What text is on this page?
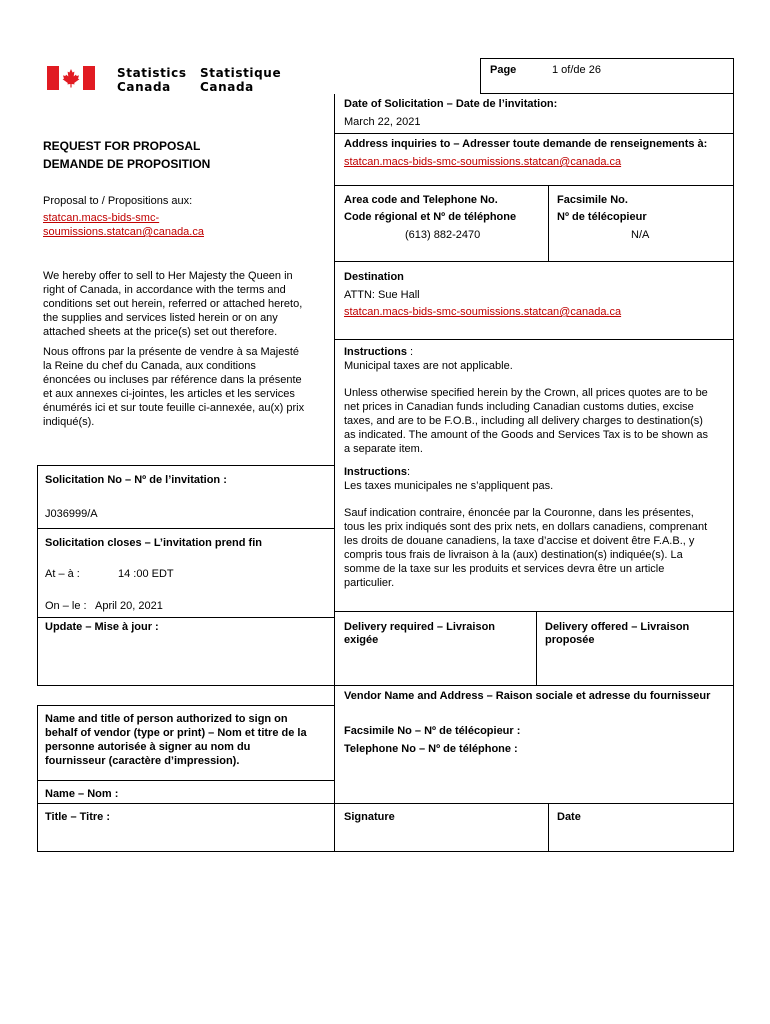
Statistics
Canada
Statistique
Canada
Page	1 of/de 26
Date of Solicitation – Date de l’invitation:
March 22, 2021
Address inquiries to – Adresser toute demande de renseignements à:
statcan.macs-bids-smc-soumissions.statcan@canada.ca
Area code and Telephone No.
Code régional et Nº de téléphone
(613) 882-2470
Facsimile No.
Nº de télécopieur
N/A
Destination
ATTN: Sue Hall
statcan.macs-bids-smc-soumissions.statcan@canada.ca
Instructions :
Municipal taxes are not applicable.
Unless otherwise specified herein by the Crown, all prices quotes are to be
net prices in Canadian funds including Canadian customs duties, excise
taxes, and are to be F.O.B., including all delivery charges to destination(s)
as indicated. The amount of the Goods and Services Tax is to be shown as
a separate item.
Instructions:
Les taxes municipales ne s’appliquent pas.
Sauf indication contraire, énoncée par la Couronne, dans les présentes,
tous les prix indiqués sont des prix nets, en dollars canadiens, comprenant
les droits de douane canadiens, la taxe d’accise et doivent être F.A.B., y
compris tous frais de livraison à la (aux) destination(s) indiquée(s). La
somme de la taxe sur les produits et services devra être un article
particulier.
Delivery required – Livraison
exigée
Delivery offered – Livraison
proposée
Vendor Name and Address – Raison sociale et adresse du fournisseur
Facsimile No – Nº de télécopieur :
Telephone No – Nº de téléphone :
Signature	Date
REQUEST FOR PROPOSAL
DEMANDE DE PROPOSITION
Proposal to / Propositions aux:
statcan.macs-bids-smc-
soumissions.statcan@canada.ca
We hereby offer to sell to Her Majesty the Queen in
right of Canada, in accordance with the terms and
conditions set out herein, referred or attached hereto,
the supplies and services listed herein or on any
attached sheets at the price(s) set out therefore.
Nous offrons par la présente de vendre à sa Majesté
la Reine du chef du Canada, aux conditions
énoncées ou incluses par référence dans la présente
et aux annexes ci-jointes, les articles et les services
énumérés ici et sur toute feuille ci-annexée, au(x) prix
indiqué(s).
Solicitation No – Nº de l’invitation :
J036999/A
Solicitation closes – L’invitation prend fin
At – à :	14 :00 EDT
On – le : April 20, 2021
Update – Mise à jour :
Name and title of person authorized to sign on
behalf of vendor (type or print) – Nom et titre de la
personne autorisée à signer au nom du
fournisseur (caractère d’impression).
Name – Nom :
Title – Titre :
